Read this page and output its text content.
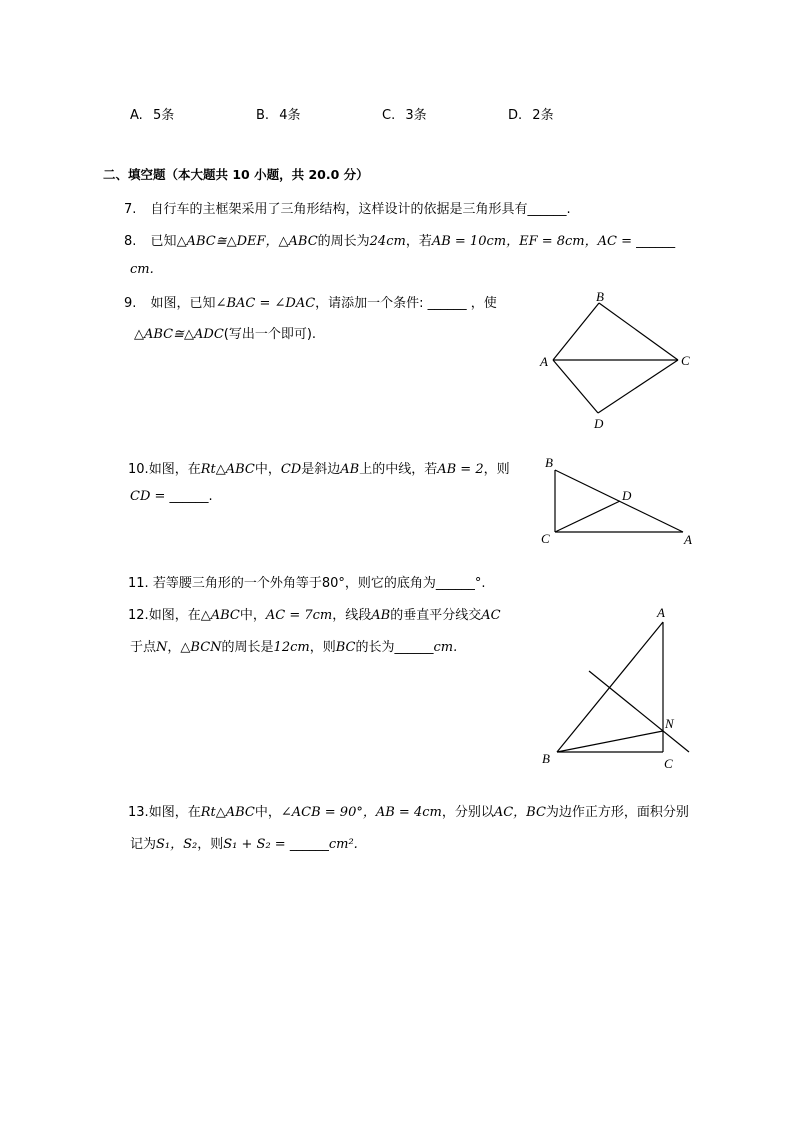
A. 5条	B. 4条	C. 3条	D. 2条
二、填空题（本大题共 10 小题，共 20.0 分）
7. 自行车的主框架采用了三角形结构，这样设计的依据是三角形具有______.
8. 已知△ABC≅△DEF，△ABC的周长为24cm，若AB = 10cm，EF = 8cm，AC = ______
cm.
9. 如图，已知∠BAC = ∠DAC，请添加一个条件: ______ ，使
△ABC≅△ADC(写出一个即可).
B
A	C
D
10.如图，在Rt△ABC中，CD是斜边AB上的中线，若AB = 2，则
CD = ______.
B
D
C	A
11. 若等腰三角形的一个外角等于80°，则它的底角为______°.
12.如图，在△ABC中，AC = 7cm，线段AB的垂直平分线交AC
于点N，△BCN的周长是12cm，则BC的长为______cm.
A
N
B	C
13.如图，在Rt△ABC中，∠ACB = 90°，AB = 4cm，分别以AC，BC为边作正方形，面积分别
记为S₁，S₂，则S₁ + S₂ = ______cm².
